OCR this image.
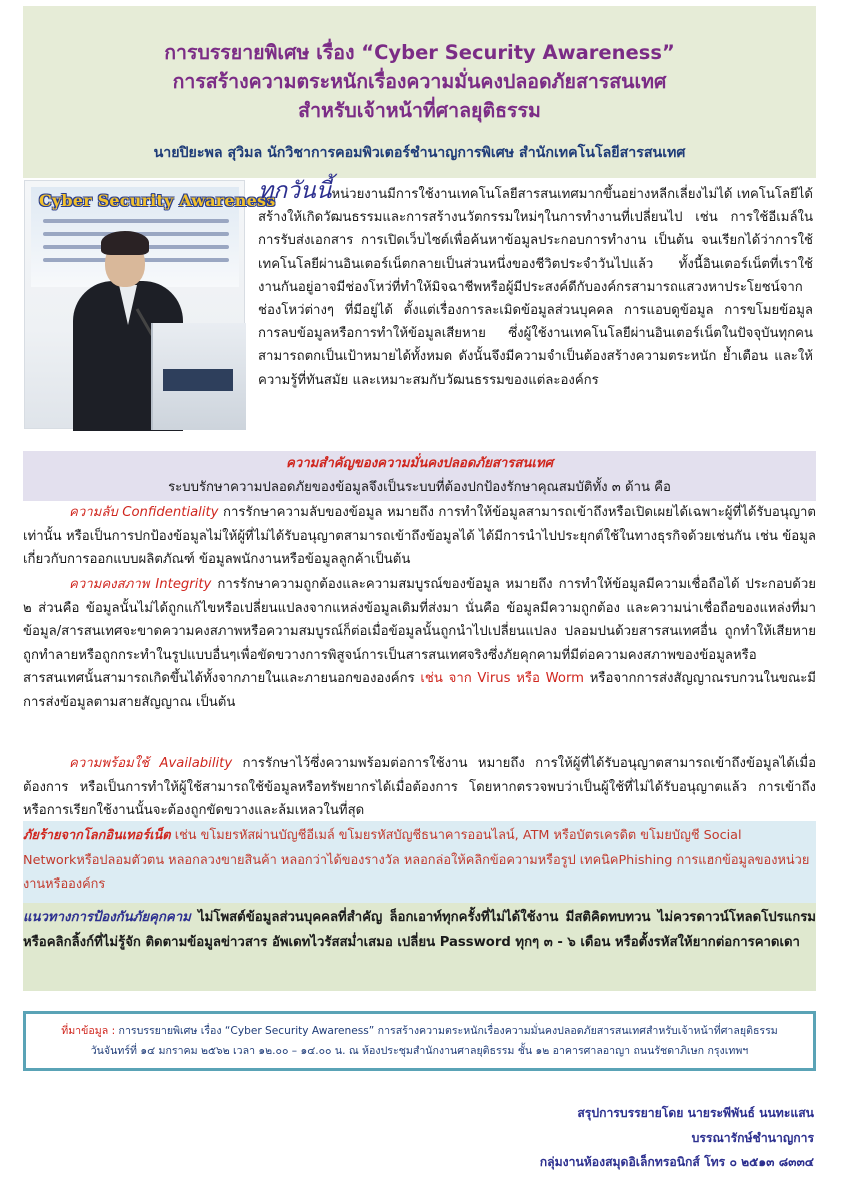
การบรรยายพิเศษ เรื่อง “Cyber Security Awareness”
การสร้างความตระหนักเรื่องความมั่นคงปลอดภัยสารสนเทศ
สำหรับเจ้าหน้าที่ศาลยุติธรรม
นายปิยะพล สุวิมล นักวิชาการคอมพิวเตอร์ชำนาญการพิเศษ สำนักเทคโนโลยีสารสนเทศ
Cyber Security Awareness
ทุกวันนี้หน่วยงานมีการใช้งานเทคโนโลยีสารสนเทศมากขึ้นอย่างหลีกเลี่ยงไม่ได้ เทคโนโลยีได้สร้างให้เกิดวัฒนธรรมและการสร้างนวัตกรรมใหม่ๆในการทำงานที่เปลี่ยนไป เช่น การใช้อีเมล์ในการรับส่งเอกสาร การเปิดเว็บไซต์เพื่อค้นหาข้อมูลประกอบการทำงาน เป็นต้น จนเรียกได้ว่าการใช้เทคโนโลยีผ่านอินเตอร์เน็ตกลายเป็นส่วนหนึ่งของชีวิตประจำวันไปแล้ว ทั้งนี้อินเตอร์เน็ตที่เราใช้งานกันอยู่อาจมีช่องโหว่ที่ทำให้มิจฉาชีพหรือผู้มีประสงค์ดีกับองค์กรสามารถแสวงหาประโยชน์จากช่องโหว่ต่างๆ ที่มีอยู่ได้ ตั้งแต่เรื่องการละเมิดข้อมูลส่วนบุคคล การแอบดูข้อมูล การขโมยข้อมูล การลบข้อมูลหรือการทำให้ข้อมูลเสียหาย ซึ่งผู้ใช้งานเทคโนโลยีผ่านอินเตอร์เน็ตในปัจจุบันทุกคนสามารถตกเป็นเป้าหมายได้ทั้งหมด ดังนั้นจึงมีความจำเป็นต้องสร้างความตระหนัก ย้ำเตือน และให้ความรู้ที่ทันสมัย และเหมาะสมกับวัฒนธรรมของแต่ละองค์กร
ความสำคัญของความมั่นคงปลอดภัยสารสนเทศ
ระบบรักษาความปลอดภัยของข้อมูลจึงเป็นระบบที่ต้องปกป้องรักษาคุณสมบัติทั้ง ๓ ด้าน คือ
ความลับ Confidentiality การรักษาความลับของข้อมูล หมายถึง การทำให้ข้อมูลสามารถเข้าถึงหรือเปิดเผยได้เฉพาะผู้ที่ได้รับอนุญาตเท่านั้น หรือเป็นการปกป้องข้อมูลไม่ให้ผู้ที่ไม่ได้รับอนุญาตสามารถเข้าถึงข้อมูลได้ ได้มีการนำไปประยุกต์ใช้ในทางธุรกิจด้วยเช่นกัน เช่น ข้อมูลเกี่ยวกับการออกแบบผลิตภัณฑ์ ข้อมูลพนักงานหรือข้อมูลลูกค้าเป็นต้น
ความคงสภาพ Integrity การรักษาความถูกต้องและความสมบูรณ์ของข้อมูล หมายถึง การทำให้ข้อมูลมีความเชื่อถือได้ ประกอบด้วย ๒ ส่วนคือ ข้อมูลนั้นไม่ได้ถูกแก้ไขหรือเปลี่ยนแปลงจากแหล่งข้อมูลเดิมที่ส่งมา นั่นคือ ข้อมูลมีความถูกต้อง และความน่าเชื่อถือของแหล่งที่มาข้อมูล/สารสนเทศจะขาดความคงสภาพหรือความสมบูรณ์ก็ต่อเมื่อข้อมูลนั้นถูกนำไปเปลี่ยนแปลง ปลอมปนด้วยสารสนเทศอื่น ถูกทำให้เสียหาย ถูกทำลายหรือถูกกระทำในรูปแบบอื่นๆเพื่อขัดขวางการพิสูจน์การเป็นสารสนเทศจริงซึ่งภัยคุกคามที่มีต่อความคงสภาพของข้อมูลหรือสารสนเทศนั้นสามารถเกิดขึ้นได้ทั้งจากภายในและภายนอกขององค์กร เช่น จาก Virus หรือ Worm หรือจากการส่งสัญญาณรบกวนในขณะมีการส่งข้อมูลตามสายสัญญาณ เป็นต้น
ความพร้อมใช้ Availability การรักษาไว้ซึ่งความพร้อมต่อการใช้งาน หมายถึง การให้ผู้ที่ได้รับอนุญาตสามารถเข้าถึงข้อมูลได้เมื่อต้องการ หรือเป็นการทำให้ผู้ใช้สามารถใช้ข้อมูลหรือทรัพยากรได้เมื่อต้องการ โดยหากตรวจพบว่าเป็นผู้ใช้ที่ไม่ได้รับอนุญาตแล้ว การเข้าถึงหรือการเรียกใช้งานนั้นจะต้องถูกขัดขวางและล้มเหลวในที่สุด
ภัยร้ายจากโลกอินเทอร์เน็ต เช่น ขโมยรหัสผ่านบัญชีอีเมล์ ขโมยรหัสบัญชีธนาคารออนไลน์, ATM หรือบัตรเครดิต ขโมยบัญชี Social Networkหรือปลอมตัวตน หลอกลวงขายสินค้า หลอกว่าได้ของรางวัล หลอกล่อให้คลิกข้อความหรือรูป เทคนิคPhishing การแฮกข้อมูลของหน่วยงานหรือองค์กร
แนวทางการป้องกันภัยคุกคาม ไม่โพสต์ข้อมูลส่วนบุคคลที่สำคัญ ล็อกเอาท์ทุกครั้งที่ไม่ได้ใช้งาน มีสติคิดทบทวน ไม่ควรดาวน์โหลดโปรแกรมหรือคลิกลิ้งก์ที่ไม่รู้จัก ติดตามข้อมูลข่าวสาร อัพเดทไวรัสสม่ำเสมอ เปลี่ยน Password ทุกๆ ๓ - ๖ เดือน หรือตั้งรหัสให้ยากต่อการคาดเดา
ที่มาข้อมูล : การบรรยายพิเศษ เรื่อง “Cyber Security Awareness” การสร้างความตระหนักเรื่องความมั่นคงปลอดภัยสารสนเทศสำหรับเจ้าหน้าที่ศาลยุติธรรม
วันจันทร์ที่ ๑๔ มกราคม ๒๕๖๒ เวลา ๑๒.๐๐ – ๑๔.๐๐ น. ณ ห้องประชุมสำนักงานศาลยุติธรรม ชั้น ๑๒ อาคารศาลอาญา ถนนรัชดาภิเษก กรุงเทพฯ
สรุปการบรรยายโดย นายระพีพันธ์ นนทะแสน
บรรณารักษ์ชำนาญการ
กลุ่มงานห้องสมุดอิเล็กทรอนิกส์ โทร ๐ ๒๕๑๓ ๘๓๓๔
